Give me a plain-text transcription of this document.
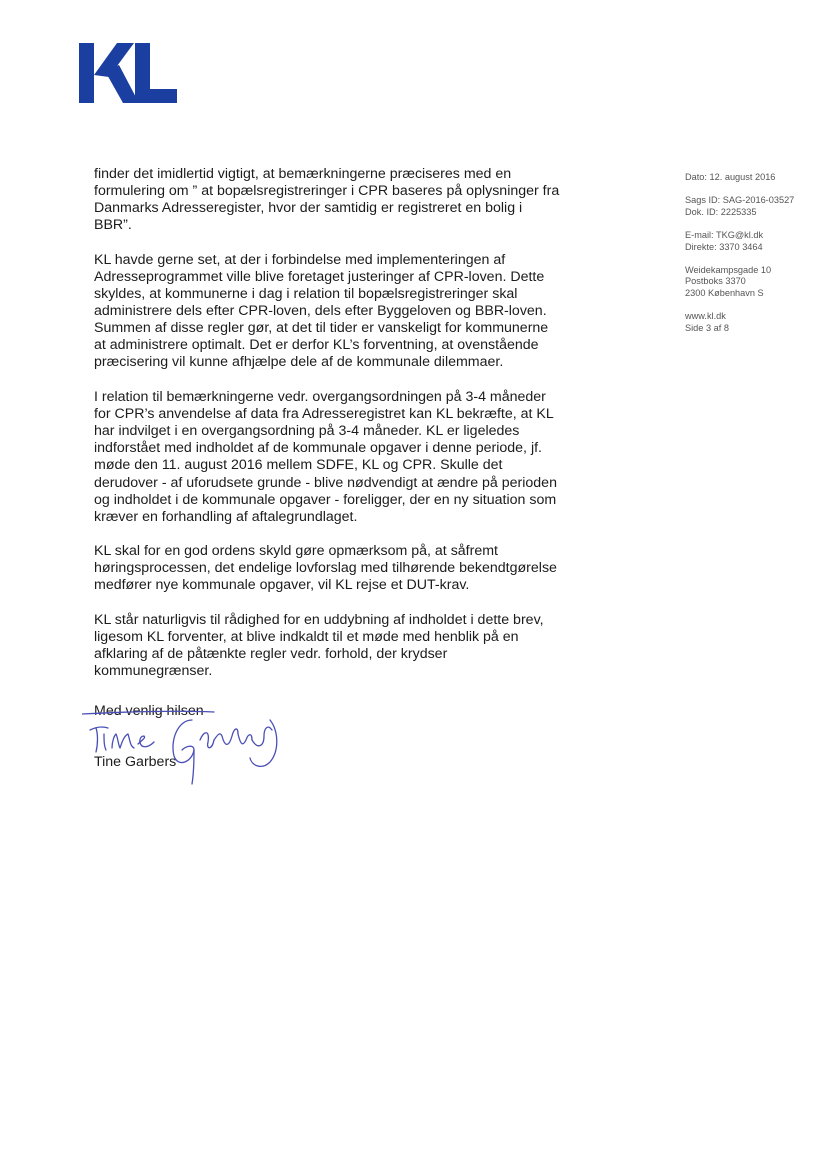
Dato: 12. august 2016
Sags ID: SAG-2016-03527
Dok. ID: 2225335
E-mail: TKG@kl.dk
Direkte: 3370 3464
Weidekampsgade 10
Postboks 3370
2300 København S
www.kl.dk
Side 3 af 8

finder det imidlertid vigtigt, at bemærkningerne præciseres med en formulering om ” at bopælsregistreringer i CPR baseres på oplysninger fra Danmarks Adresseregister, hvor der samtidig er registreret en bolig i BBR”.

KL havde gerne set, at der i forbindelse med implementeringen af Adresseprogrammet ville blive foretaget justeringer af CPR-loven. Dette skyldes, at kommunerne i dag i relation til bopælsregistreringer skal administrere dels efter CPR-loven, dels efter Byggeloven og BBR-loven. Summen af disse regler gør, at det til tider er vanskeligt for kommunerne at administrere optimalt. Det er derfor KL’s forventning, at ovenstående præcisering vil kunne afhjælpe dele af de kommunale dilemmaer.

I relation til bemærkningerne vedr. overgangsordningen på 3-4 måneder for CPR’s anvendelse af data fra Adresseregistret kan KL bekræfte, at KL har indvilget i en overgangsordning på 3-4 måneder. KL er ligeledes indforstået med indholdet af de kommunale opgaver i denne periode, jf. møde den 11. august 2016 mellem SDFE, KL og CPR. Skulle det derudover - af uforudsete grunde - blive nødvendigt at ændre på perioden og indholdet i de kommunale opgaver - foreligger, der en ny situation som kræver en forhandling af aftalegrundlaget.

KL skal for en god ordens skyld gøre opmærksom på, at såfremt høringsprocessen, det endelige lovforslag med tilhørende bekendtgørelse medfører nye kommunale opgaver, vil KL rejse et DUT-krav.

KL står naturligvis til rådighed for en uddybning af indholdet i dette brev, ligesom KL forventer, at blive indkaldt til et møde med henblik på en afklaring af de påtænkte regler vedr. forhold, der krydser kommunegrænser.

Med venlig hilsen
Tine Garbers
